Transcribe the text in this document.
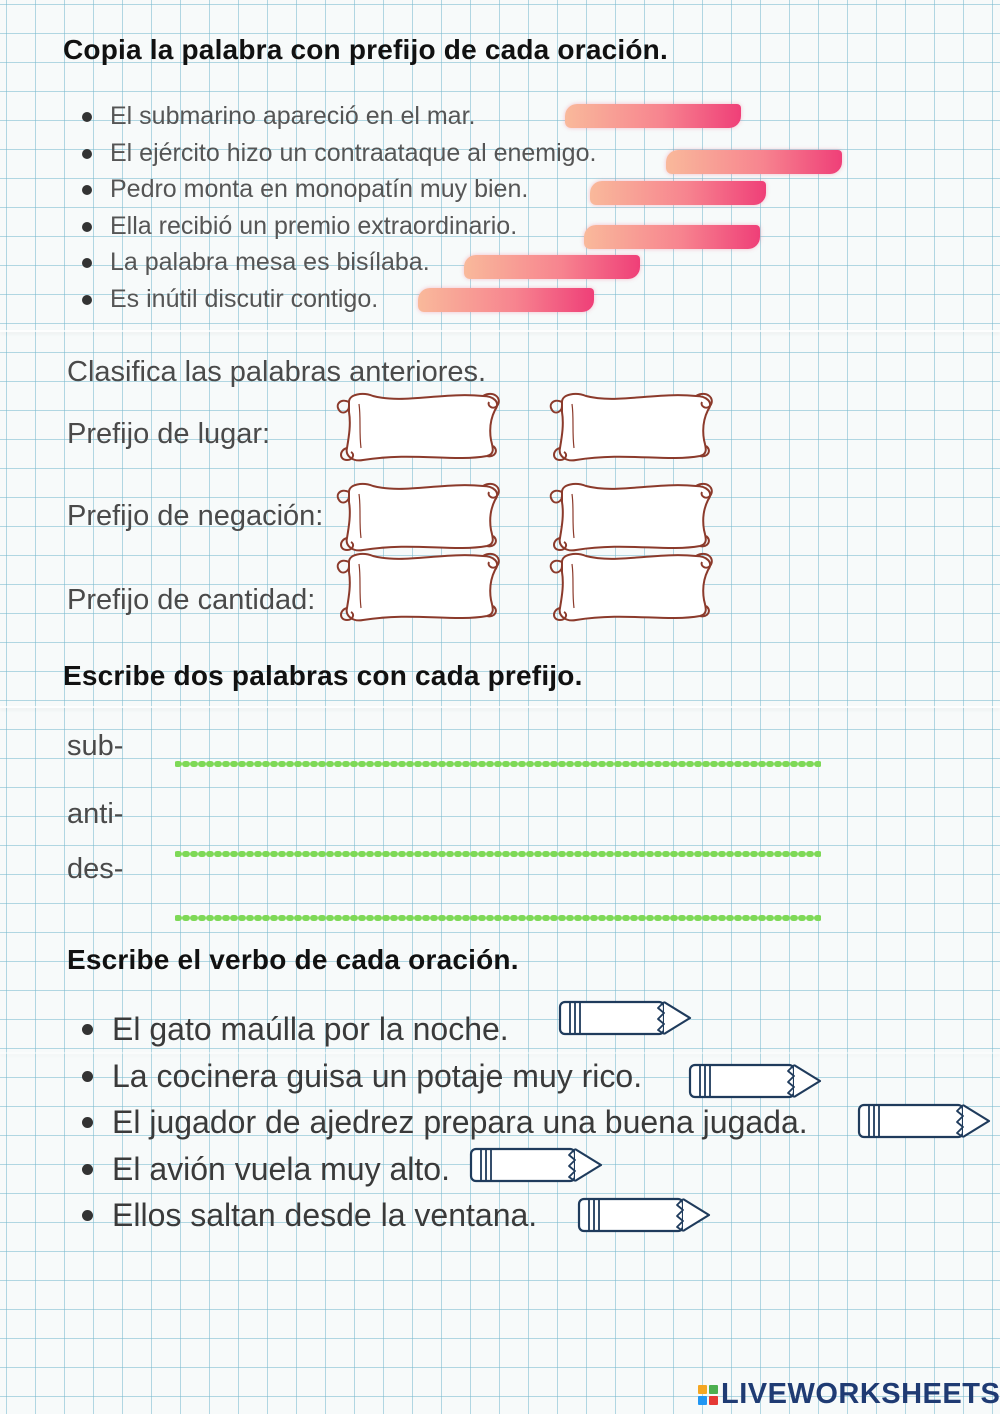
Copia la palabra con prefijo de cada oración.
El submarino apareció en el mar.
El ejército hizo un contraataque al enemigo.
Pedro monta en monopatín muy bien.
Ella recibió un premio extraordinario.
La palabra mesa es bisílaba.
Es inútil discutir contigo.
Clasifica las palabras anteriores.
Prefijo de lugar:
Prefijo de negación:
Prefijo de cantidad:
Escribe dos palabras con cada prefijo.
sub-
anti-
des-
Escribe el verbo de cada oración.
El gato maúlla por la noche.
La cocinera guisa un potaje muy rico.
El jugador de ajedrez prepara una buena jugada.
El avión vuela muy alto.
Ellos saltan desde la ventana.
LIVEWORKSHEETS
